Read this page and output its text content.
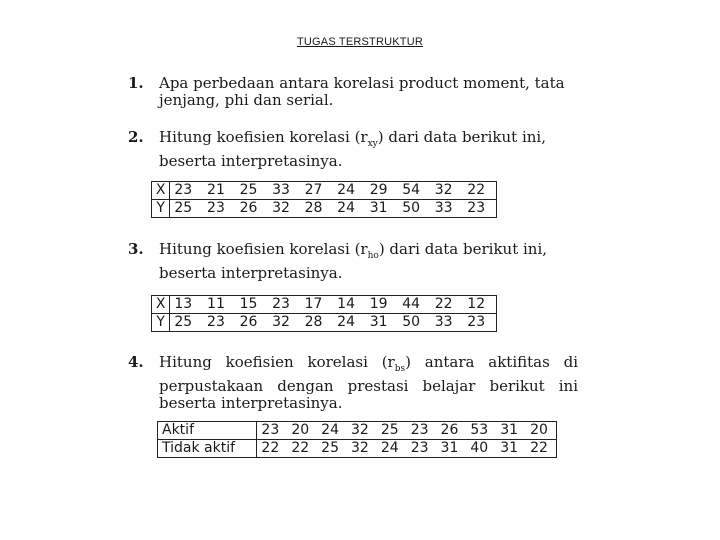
TUGAS TERSTRUKTUR
1. Apa perbedaan antara korelasi product moment, tata jenjang, phi dan serial.
2. Hitung koefisien korelasi $(r_{xy})$ dari data berikut ini, beserta interpretasinya.
X	23	21	25	33	27	24	29	54	32	22
Y	25	23	26	32	28	24	31	50	33	23
3. Hitung koefisien korelasi $(r_{ho})$ dari data berikut ini, beserta interpretasinya.
X	13	11	15	23	17	14	19	44	22	12
Y	25	23	26	32	28	24	31	50	33	23
4. Hitung koefisien korelasi $(r_{bs})$ antara aktifitas di perpustakaan dengan prestasi belajar berikut ini beserta interpretasinya.
Aktif	23	20	24	32	25	23	26	53	31	20
Tidak aktif	22	22	25	32	24	23	31	40	31	22
